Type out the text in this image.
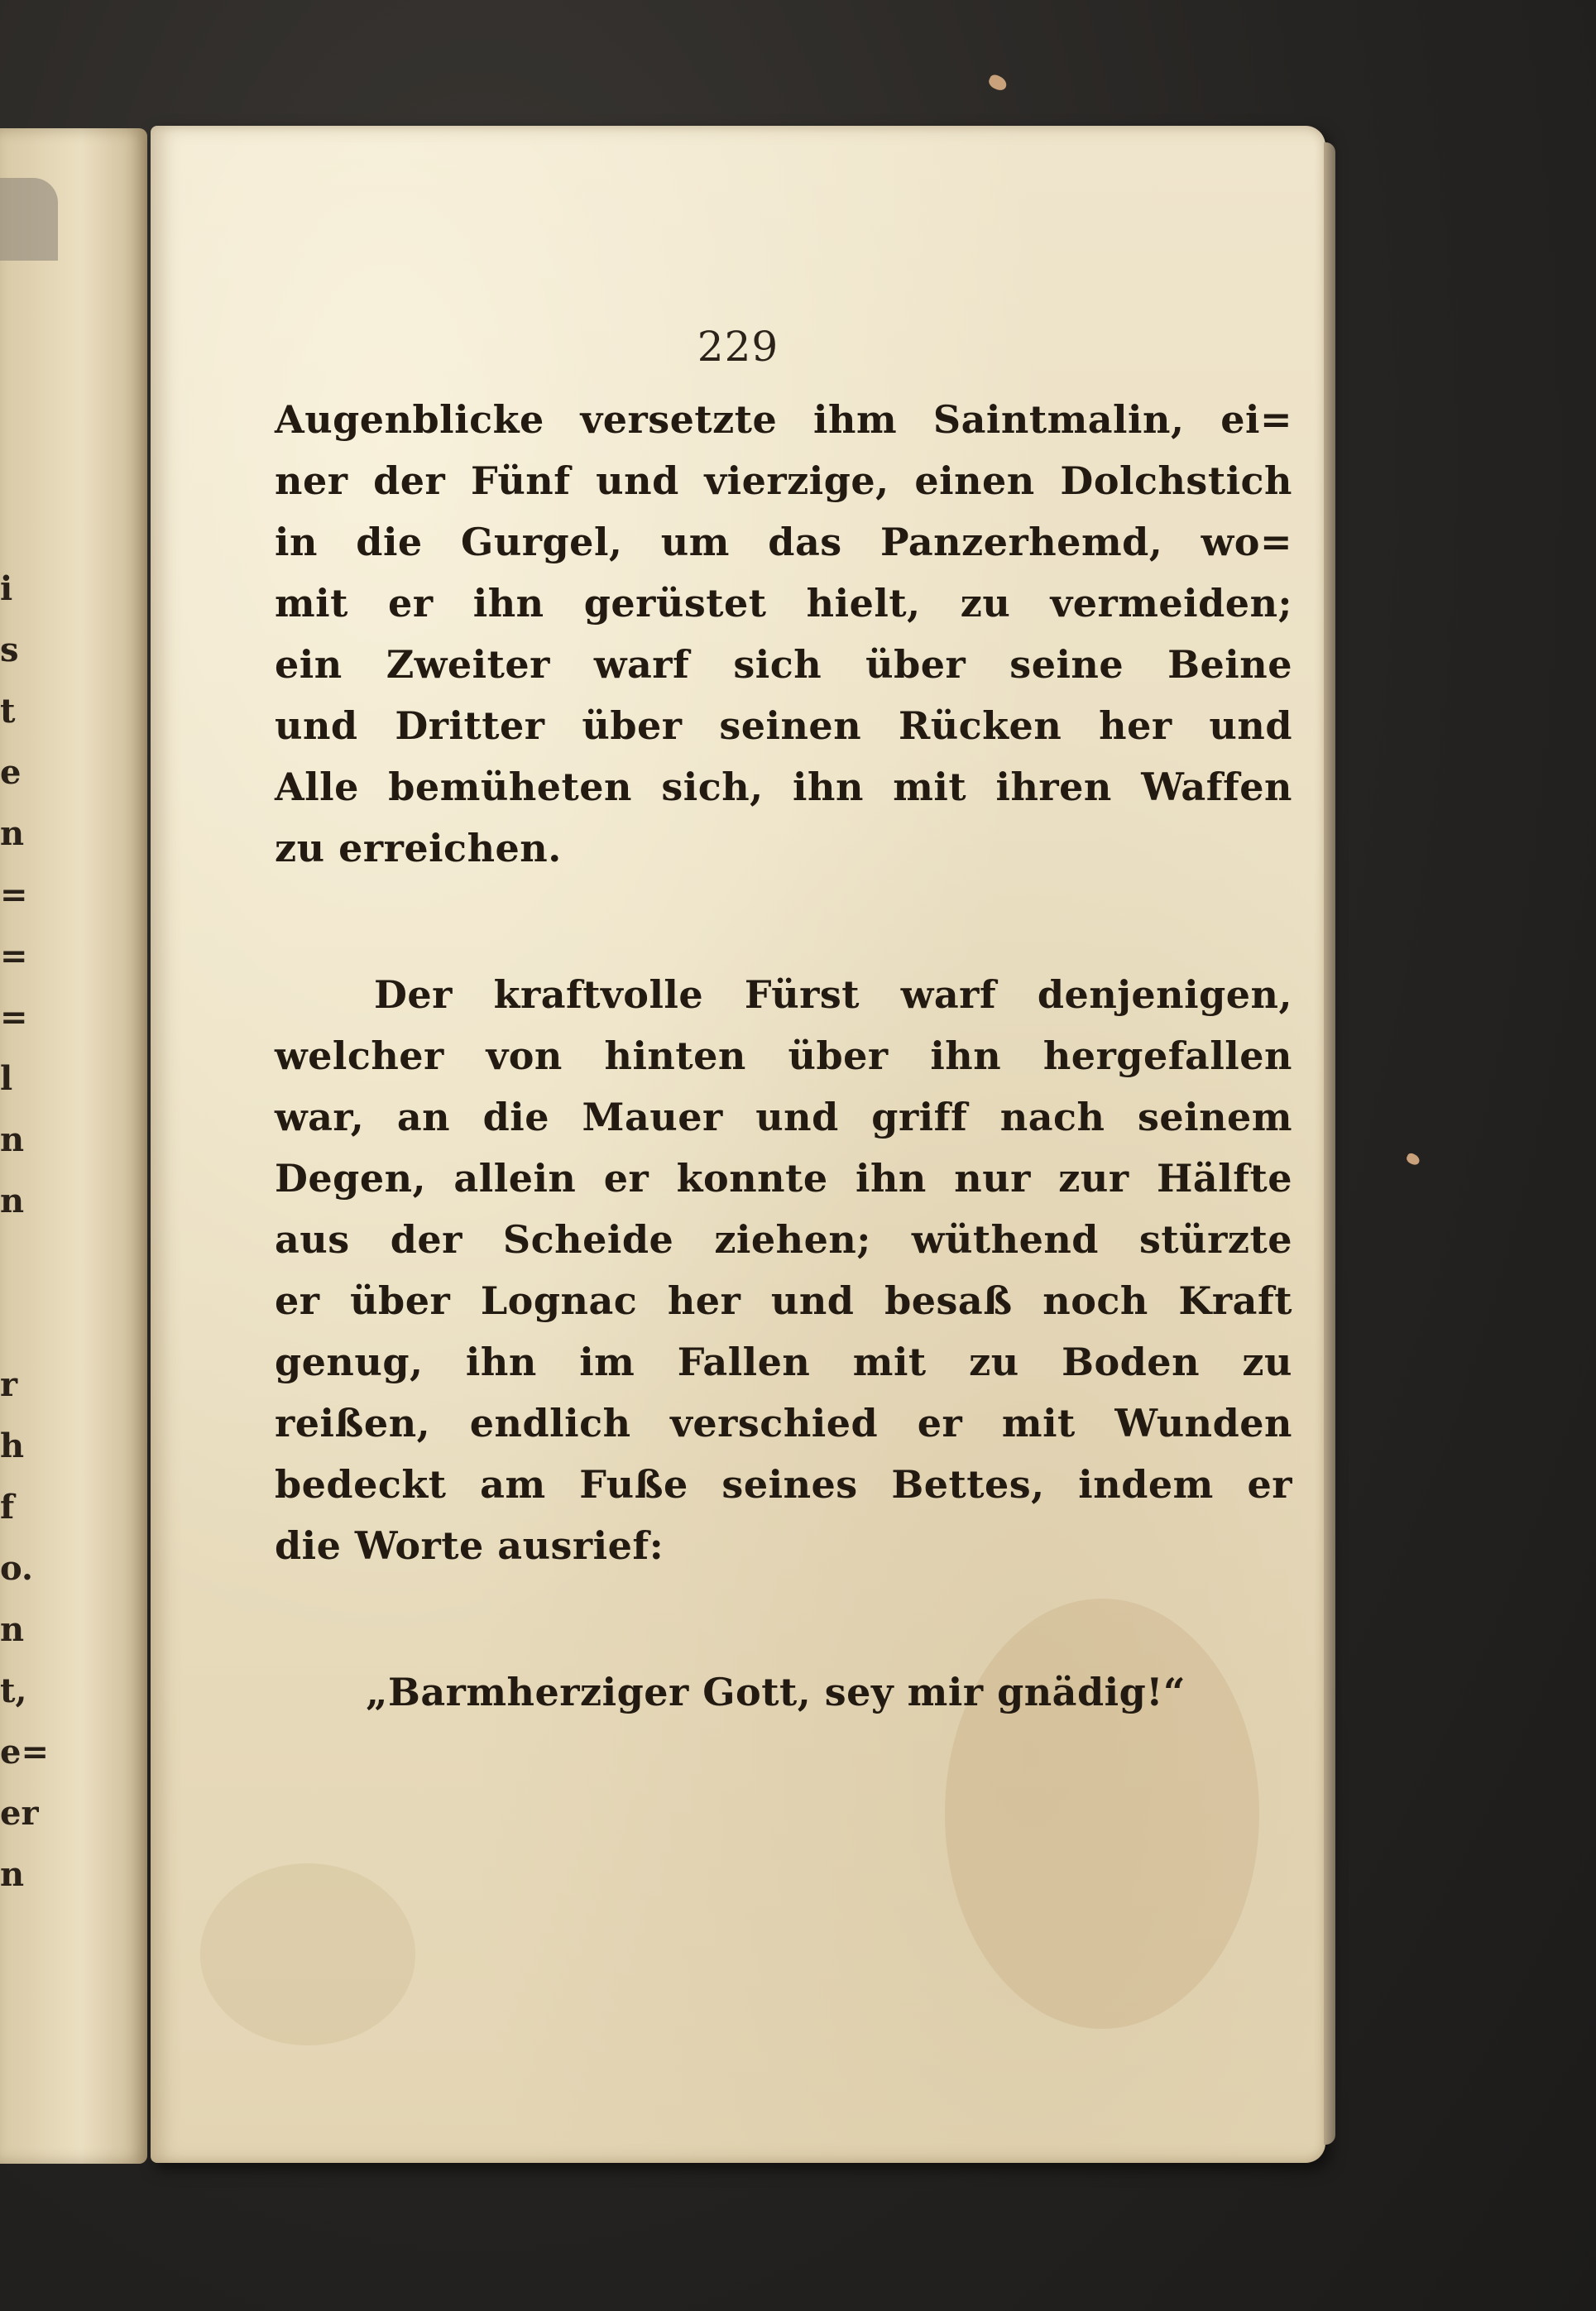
i
s
t
e
n
=
=
=
l
n
n
r
h
f
o.
n
t,
e=
er
n
229
Augenblicke versetzte ihm Saintmalin, ei=
ner der Fünf und vierzige, einen Dolchstich
in die Gurgel, um das Panzerhemd, wo=
mit er ihn gerüstet hielt, zu vermeiden;
ein Zweiter warf sich über seine Beine
und Dritter über seinen Rücken her und
Alle bemüheten sich, ihn mit ihren Waffen
zu erreichen.
Der kraftvolle Fürst warf denjenigen,
welcher von hinten über ihn hergefallen
war, an die Mauer und griff nach seinem
Degen, allein er konnte ihn nur zur Hälfte
aus der Scheide ziehen; wüthend stürzte
er über Lognac her und besaß noch Kraft
genug, ihn im Fallen mit zu Boden zu
reißen, endlich verschied er mit Wunden
bedeckt am Fuße seines Bettes, indem er
die Worte ausrief:
„Barmherziger Gott, sey mir gnädig!“
